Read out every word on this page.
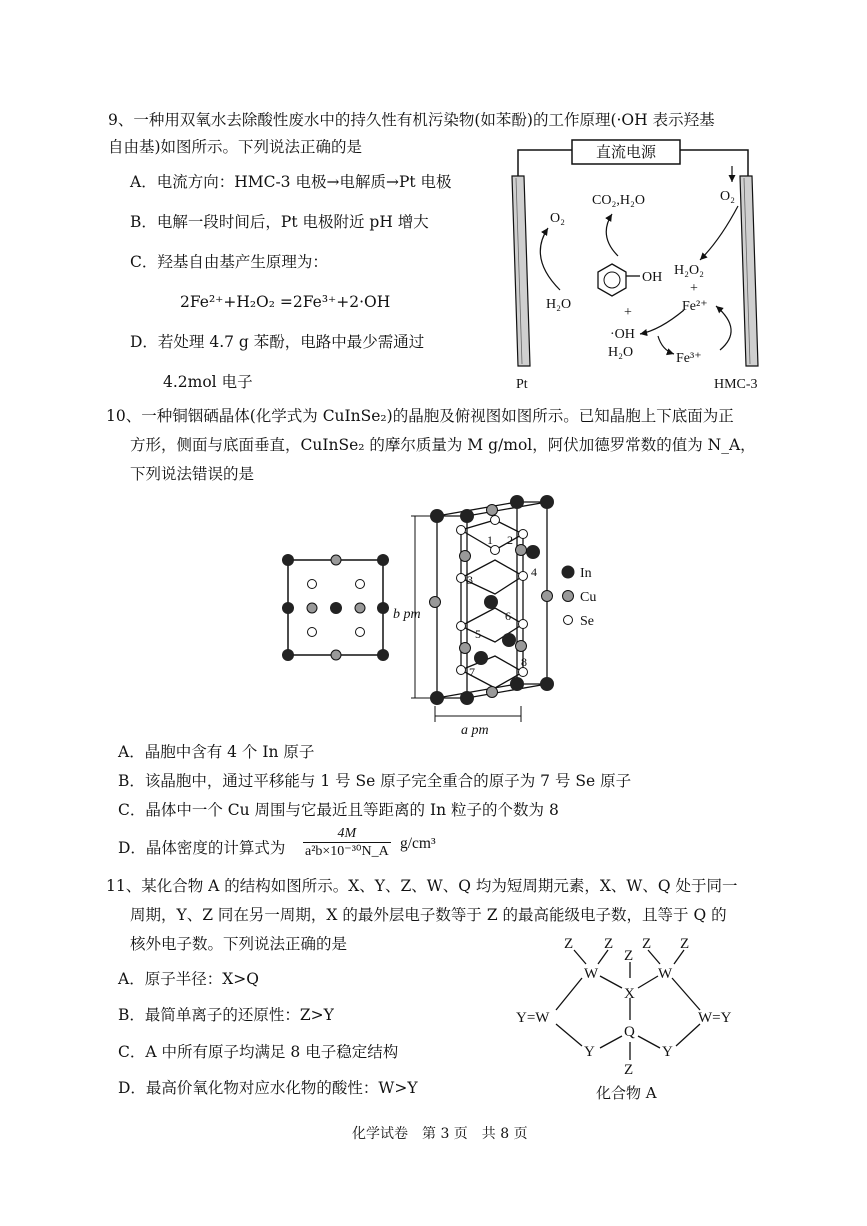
9、一种用双氧水去除酸性废水中的持久性有机污染物(如苯酚)的工作原理(·OH 表示羟基
自由基)如图所示。下列说法正确的是
A．电流方向：HMC-3 电极→电解质→Pt 电极
B．电解一段时间后，Pt 电极附近 pH 增大
C．羟基自由基产生原理为：
2Fe²⁺+H₂O₂ =2Fe³⁺+2·OH
D．若处理 4.7 g 苯酚，电路中最少需通过
4.2mol 电子
直流电源
O₂
H₂O
CO₂,H₂O
OH
O₂
H₂O₂
+
Fe²⁺
+
·OH
H₂O	Fe³⁺
Pt	HMC-3
10、一种铜铟硒晶体(化学式为 CuInSe₂)的晶胞及俯视图如图所示。已知晶胞上下底面为正
方形，侧面与底面垂直，CuInSe₂ 的摩尔质量为 M g/mol，阿伏加德罗常数的值为 N_A，
下列说法错误的是
b pm
a pm
1 2
3
4
5
6
7
8
In
Cu
Se
A．晶胞中含有 4 个 In 原子
B．该晶胞中，通过平移能与 1 号 Se 原子完全重合的原子为 7 号 Se 原子
C．晶体中一个 Cu 周围与它最近且等距离的 In 粒子的个数为 8
D．晶体密度的计算式为 $\frac{4M}{\text{a²b×10⁻³⁰N\_A}} g/cm^3$
11、某化合物 A 的结构如图所示。X、Y、Z、W、Q 均为短周期元素，X、W、Q 处于同一
周期，Y、Z 同在另一周期，X 的最外层电子数等于 Z 的最高能级电子数，且等于 Q 的
核外电子数。下列说法正确的是
A．原子半径：X>Q
B．最简单离子的还原性：Z>Y
C．A 中所有原子均满足 8 电子稳定结构
D．最高价氧化物对应水化物的酸性：W>Y
Z Z
Z
Z Z
W	W
X
Y=W	W=Y
Q
Y	Y
Z
化合物 A
化学试卷　第 3 页　共 8 页
